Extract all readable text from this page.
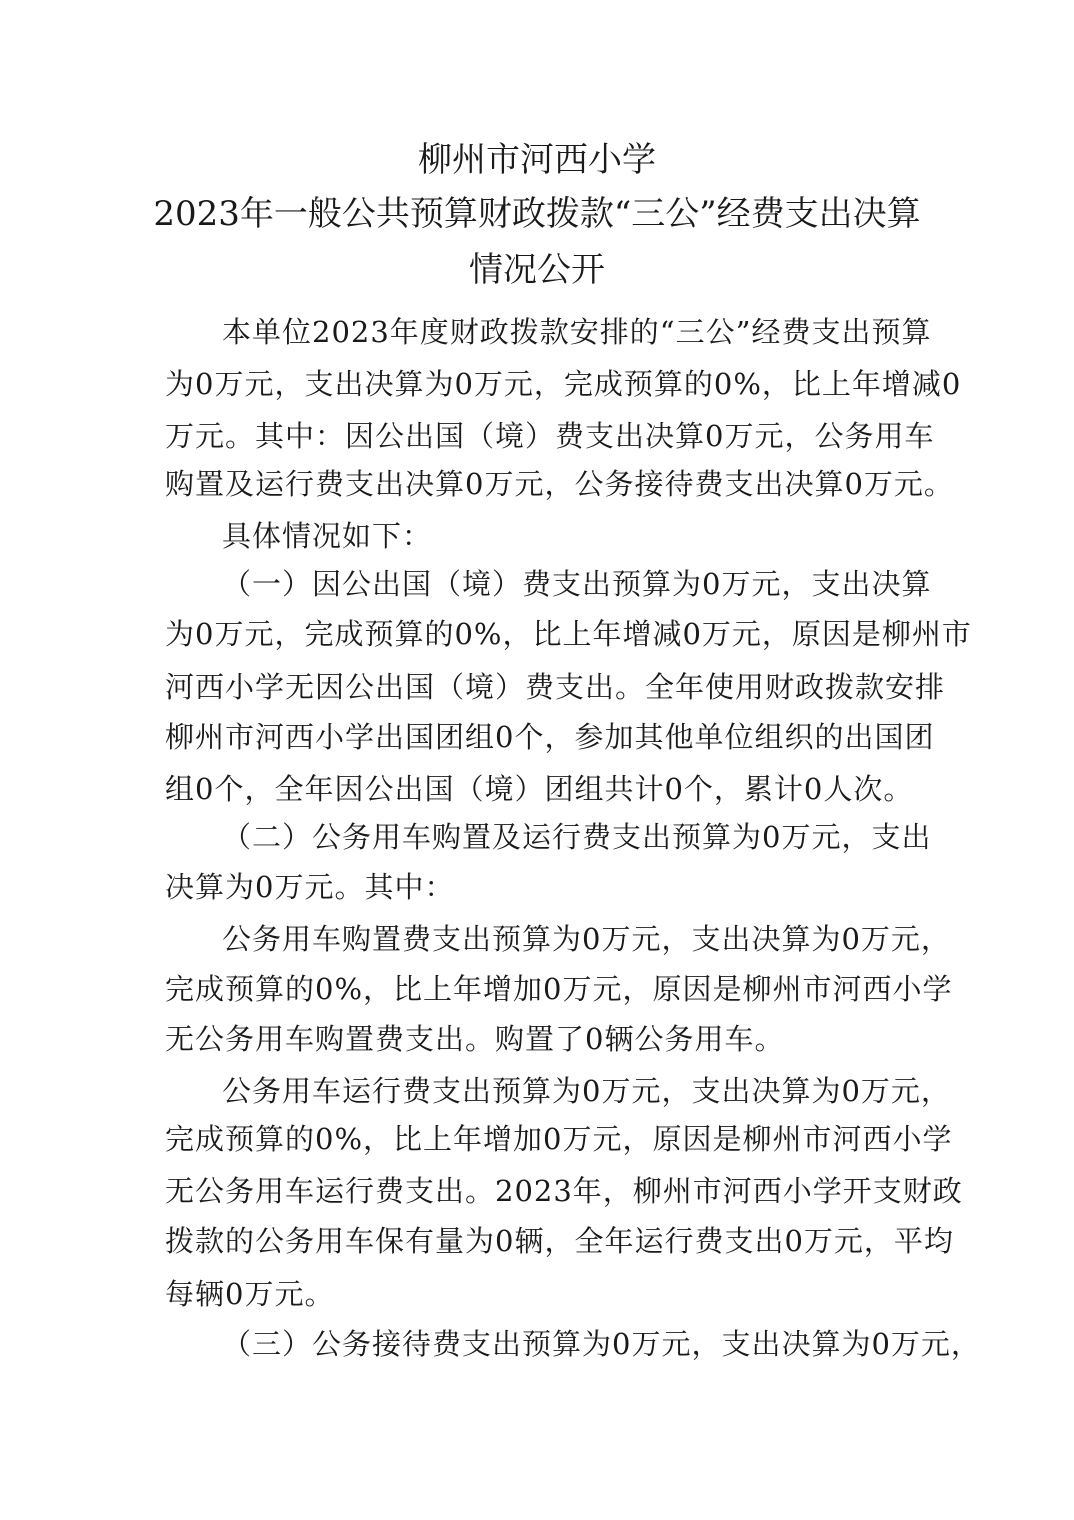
柳州市河西小学
2023年一般公共预算财政拨款“三公”经费支出决算
情况公开
本单位2023年度财政拨款安排的“三公”经费支出预算
为0万元，支出决算为0万元，完成预算的0%，比上年增减0
万元。其中：因公出国（境）费支出决算0万元，公务用车
购置及运行费支出决算0万元，公务接待费支出决算0万元。
具体情况如下：
（一）因公出国（境）费支出预算为0万元，支出决算
为0万元，完成预算的0%，比上年增减0万元，原因是柳州市
河西小学无因公出国（境）费支出。全年使用财政拨款安排
柳州市河西小学出国团组0个，参加其他单位组织的出国团
组0个，全年因公出国（境）团组共计0个，累计0人次。
（二）公务用车购置及运行费支出预算为0万元，支出
决算为0万元。其中：
公务用车购置费支出预算为0万元，支出决算为0万元，
完成预算的0%，比上年增加0万元，原因是柳州市河西小学
无公务用车购置费支出。购置了0辆公务用车。
公务用车运行费支出预算为0万元，支出决算为0万元，
完成预算的0%，比上年增加0万元，原因是柳州市河西小学
无公务用车运行费支出。2023年，柳州市河西小学开支财政
拨款的公务用车保有量为0辆，全年运行费支出0万元，平均
每辆0万元。
（三）公务接待费支出预算为0万元，支出决算为0万元，
